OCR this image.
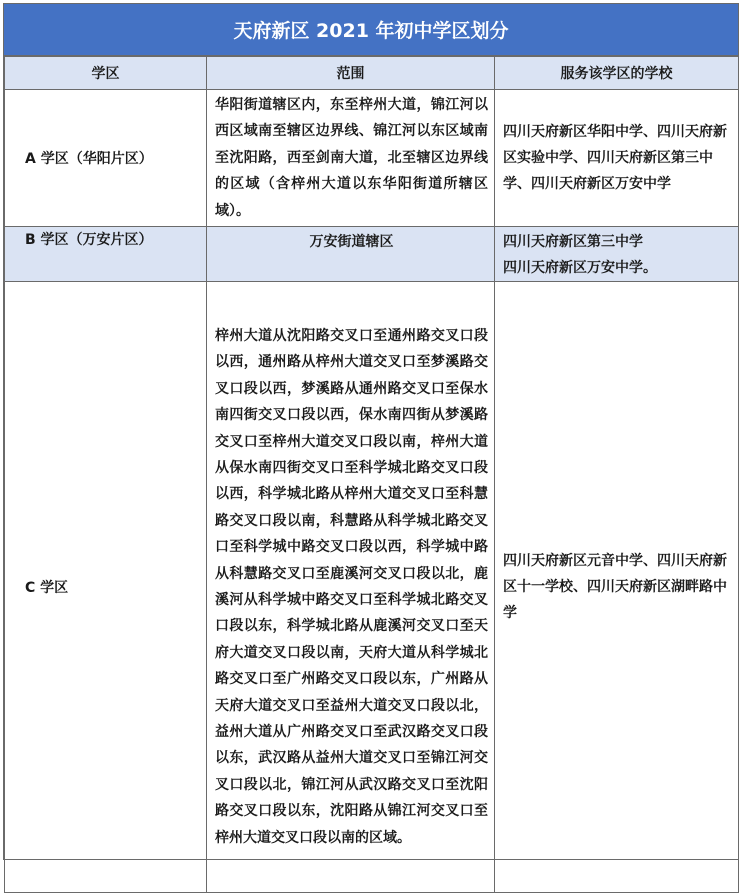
天府新区 2021 年初中学区划分
学区	范围	服务该学区的学校
A 学区（华阳片区）	华阳街道辖区内，东至梓州大道，锦江河以西区域南至辖区边界线、锦江河以东区域南至沈阳路，西至剑南大道，北至辖区边界线的区域（含梓州大道以东华阳街道所辖区域）。	四川天府新区华阳中学、四川天府新区实验中学、四川天府新区第三中学、四川天府新区万安中学
B 学区（万安片区）	万安街道辖区	四川天府新区第三中学
四川天府新区万安中学。

C 学区	梓州大道从沈阳路交叉口至通州路交叉口段以西，通州路从梓州大道交叉口至梦溪路交叉口段以西，梦溪路从通州路交叉口至保水南四街交叉口段以西，保水南四街从梦溪路交叉口至梓州大道交叉口段以南，梓州大道从保水南四街交叉口至科学城北路交叉口段以西，科学城北路从梓州大道交叉口至科慧路交叉口段以南，科慧路从科学城北路交叉口至科学城中路交叉口段以西，科学城中路从科慧路交叉口至鹿溪河交叉口段以北，鹿溪河从科学城中路交叉口至科学城北路交叉口段以东，科学城北路从鹿溪河交叉口至天府大道交叉口段以南，天府大道从科学城北路交叉口至广州路交叉口段以东，广州路从天府大道交叉口至益州大道交叉口段以北，益州大道从广州路交叉口至武汉路交叉口段以东，武汉路从益州大道交叉口至锦江河交叉口段以北，锦江河从武汉路交叉口至沈阳路交叉口段以东，沈阳路从锦江河交叉口至梓州大道交叉口段以南的区域。	四川天府新区元音中学、四川天府新区十一学校、四川天府新区湖畔路中学
